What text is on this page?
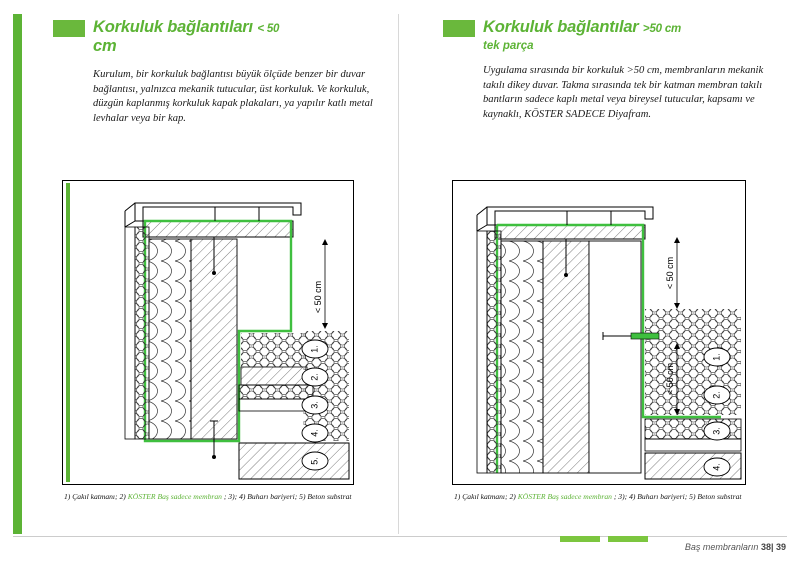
Korkuluk bağlantıları < 50
cm
Kurulum, bir korkuluk bağlantısı büyük ölçüde benzer bir duvar bağlantısı, yalnızca mekanik tutucular, üst korkuluk. Ve korkuluk, düzgün kaplanmış korkuluk kapak plakaları, ya yapılır katlı metal levhalar veya bir kap.
< 50 cm
1.
2.
3.
4.
5.
1) Çakıl katmanı; 2) KÖSTER Baş sadece membran ; 3); 4) Buharı bariyeri; 5) Beton substrat
Korkuluk bağlantılar >50 cm
tek parça
Uygulama sırasında bir korkuluk >50 cm, membranların mekanik takılı dikey duvar. Takma sırasında tek bir katman membran takılı bantların sadece kaplı metal veya bireysel tutucular, kapsamı ve kaynaklı, KÖSTER SADECE Diyafram.
< 50 cm
< 50 cm
1.
2.
3.
4.
1) Çakıl katmanı; 2) KÖSTER Baş sadece membran ; 3); 4) Buharı bariyeri; 5) Beton substrat
Baş membranların 38| 39
